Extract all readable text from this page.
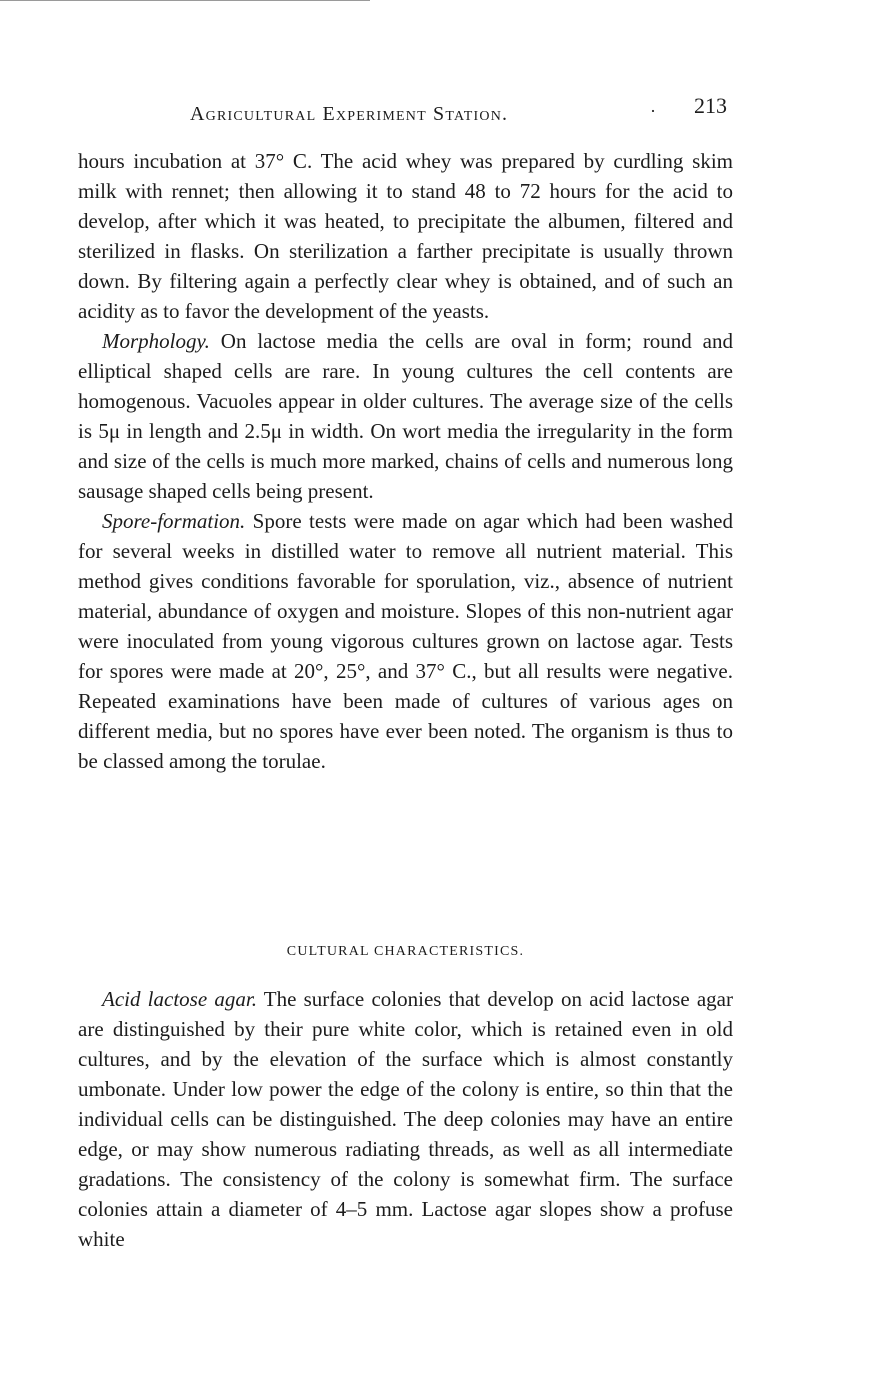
Agricultural Experiment Station.	· 213

hours incubation at 37° C. The acid whey was prepared by curdling skim milk with rennet; then allowing it to stand 48 to 72 hours for the acid to develop, after which it was heated, to precipitate the albumen, filtered and sterilized in flasks. On sterilization a farther precipitate is usually thrown down. By filtering again a perfectly clear whey is obtained, and of such an acidity as to favor the development of the yeasts.

Morphology. On lactose media the cells are oval in form; round and elliptical shaped cells are rare. In young cultures the cell contents are homogenous. Vacuoles appear in older cultures. The average size of the cells is 5μ in length and 2.5μ in width. On wort media the irregularity in the form and size of the cells is much more marked, chains of cells and numerous long sausage shaped cells being present.

Spore-formation. Spore tests were made on agar which had been washed for several weeks in distilled water to remove all nutrient material. This method gives conditions favorable for sporulation, viz., absence of nutrient material, abundance of oxygen and moisture. Slopes of this non-nutrient agar were inoculated from young vigorous cultures grown on lactose agar. Tests for spores were made at 20°, 25°, and 37° C., but all results were negative. Repeated examinations have been made of cultures of various ages on different media, but no spores have ever been noted. The organism is thus to be classed among the torulae.

CULTURAL CHARACTERISTICS.

Acid lactose agar. The surface colonies that develop on acid lactose agar are distinguished by their pure white color, which is retained even in old cultures, and by the elevation of the surface which is almost constantly umbonate. Under low power the edge of the colony is entire, so thin that the individual cells can be distinguished. The deep colonies may have an entire edge, or may show numerous radiating threads, as well as all intermediate gradations. The consistency of the colony is somewhat firm. The surface colonies attain a diameter of 4–5 mm. Lactose agar slopes show a profuse white
